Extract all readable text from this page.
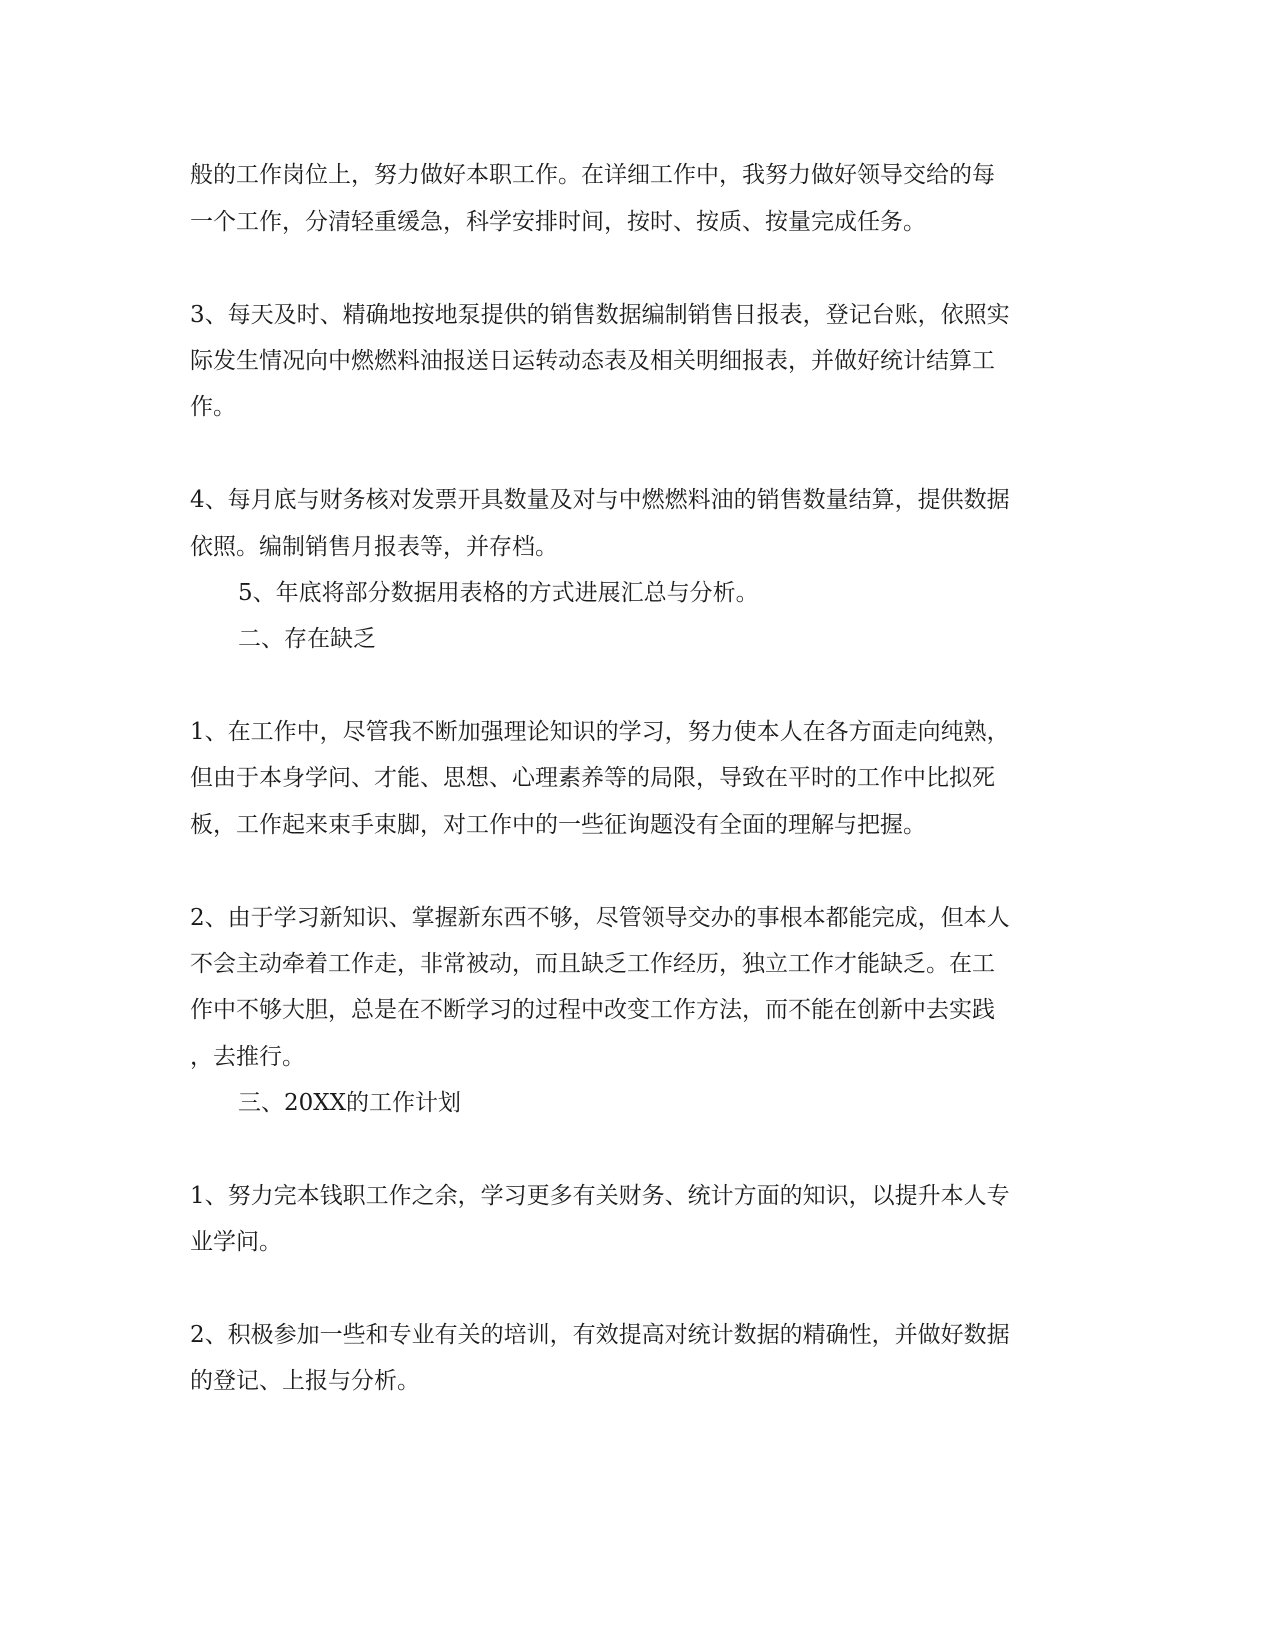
般的工作岗位上，努力做好本职工作。在详细工作中，我努力做好领导交给的每
一个工作，分清轻重缓急，科学安排时间，按时、按质、按量完成任务。
3、每天及时、精确地按地泵提供的销售数据编制销售日报表，登记台账，依照实
际发生情况向中燃燃料油报送日运转动态表及相关明细报表，并做好统计结算工
作。
4、每月底与财务核对发票开具数量及对与中燃燃料油的销售数量结算，提供数据
依照。编制销售月报表等，并存档。
5、年底将部分数据用表格的方式进展汇总与分析。
二、存在缺乏
1、在工作中，尽管我不断加强理论知识的学习，努力使本人在各方面走向纯熟，
但由于本身学问、才能、思想、心理素养等的局限，导致在平时的工作中比拟死
板，工作起来束手束脚，对工作中的一些征询题没有全面的理解与把握。
2、由于学习新知识、掌握新东西不够，尽管领导交办的事根本都能完成，但本人
不会主动牵着工作走，非常被动，而且缺乏工作经历，独立工作才能缺乏。在工
作中不够大胆，总是在不断学习的过程中改变工作方法，而不能在创新中去实践
，去推行。
三、20XX的工作计划
1、努力完本钱职工作之余，学习更多有关财务、统计方面的知识，以提升本人专
业学问。
2、积极参加一些和专业有关的培训，有效提高对统计数据的精确性，并做好数据
的登记、上报与分析。
